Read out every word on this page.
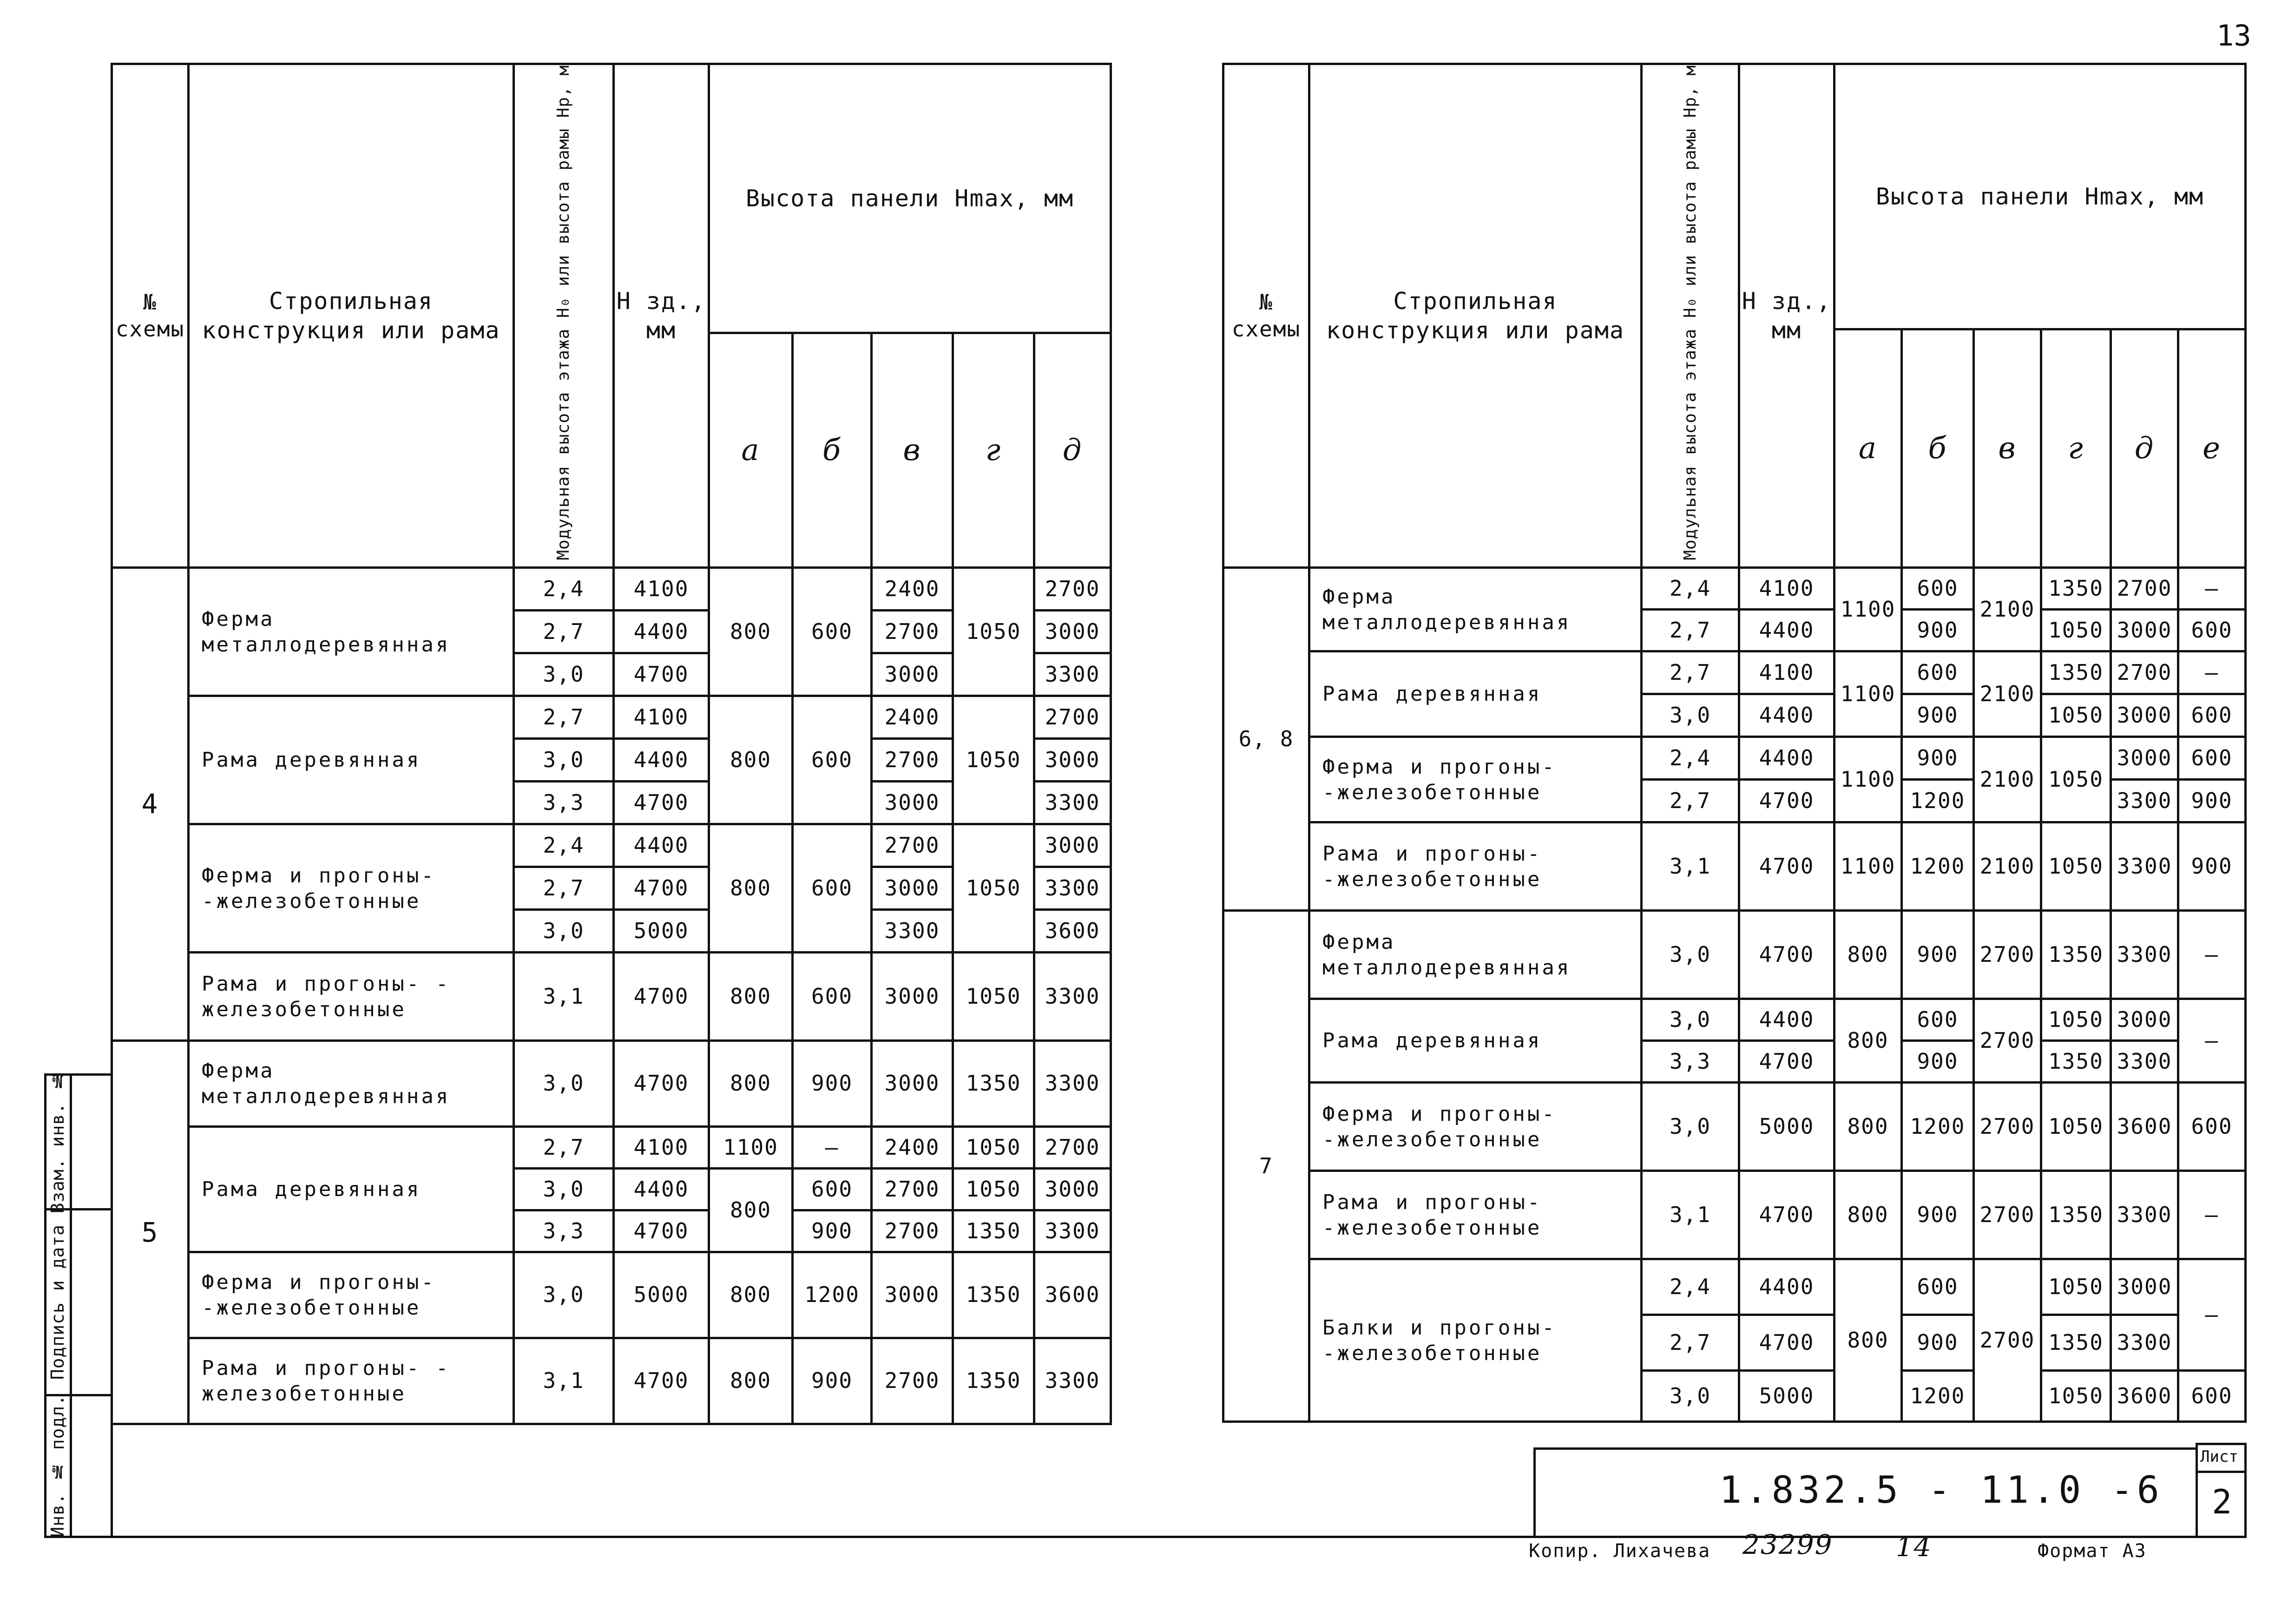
13
Взам. инв. №
Подпись и дата
Инв. № подл.	1.832.5 - 11.0 -6
Лист
2
Копир. Лихачева 23299 14	Формат А3
№ схемы	Стропильная конструкция или рама	Модульная высота этажа H₀ или высота рамы Hр, м	H зд., мм	Высота панели Hmax, мм				
				а	б	в	г	д
4	Ферма металлодеревянная	2,4	4100	800	600	2400	1050	2700
		2,7	4400			2700		3000
		3,0	4700			3000		3300
	Рама деревянная	2,7	4100	800	600	2400	1050	2700
		3,0	4400			2700		3000
		3,3	4700			3000		3300
	Ферма и прогоны- -железобетонные	2,4	4400	800	600	2700	1050	3000
		2,7	4700			3000		3300
		3,0	5000			3300		3600
	Рама и прогоны- - железобетонные	3,1	4700	800	600	3000	1050	3300
5	Ферма металлодеревянная	3,0	4700	800	900	3000	1350	3300
	Рама деревянная	2,7	4100	1100	—	2400	1050	2700
		3,0	4400	800	600	2700	1050	3000
		3,3	4700		900	2700	1350	3300
	Ферма и прогоны- -железобетонные	3,0	5000	800	1200	3000	1350	3600
	Рама и прогоны- - железобетонные	3,1	4700	800	900	2700	1350	3300
№ схемы	Стропильная конструкция или рама	Модульная высота этажа H₀ или высота рамы Hр, м	H зд., мм	Высота панели Hmax, мм					
				а	б	в	г	д	е
6, 8	Ферма металлодеревянная	2,4	4100	1100	600	2100	1350	2700	—
		2,7	4400		900		1050	3000	600
	Рама деревянная	2,7	4100	1100	600	2100	1350	2700	—
		3,0	4400		900		1050	3000	600
	Ферма и прогоны- -железобетонные	2,4	4400	1100	900	2100	1050	3000	600
		2,7	4700		1200			3300	900
	Рама и прогоны- -железобетонные	3,1	4700	1100	1200	2100	1050	3300	900
7	Ферма металлодеревянная	3,0	4700	800	900	2700	1350	3300	—
	Рама деревянная	3,0	4400	800	600	2700	1050	3000	—
		3,3	4700		900		1350	3300	
	Ферма и прогоны- -железобетонные	3,0	5000	800	1200	2700	1050	3600	600
	Рама и прогоны- -железобетонные	3,1	4700	800	900	2700	1350	3300	—
	Балки и прогоны- -железобетонные	2,4	4400	800	600	2700	1050	3000	—
		2,7	4700		900		1350	3300	
		3,0	5000		1200		1050	3600	600
